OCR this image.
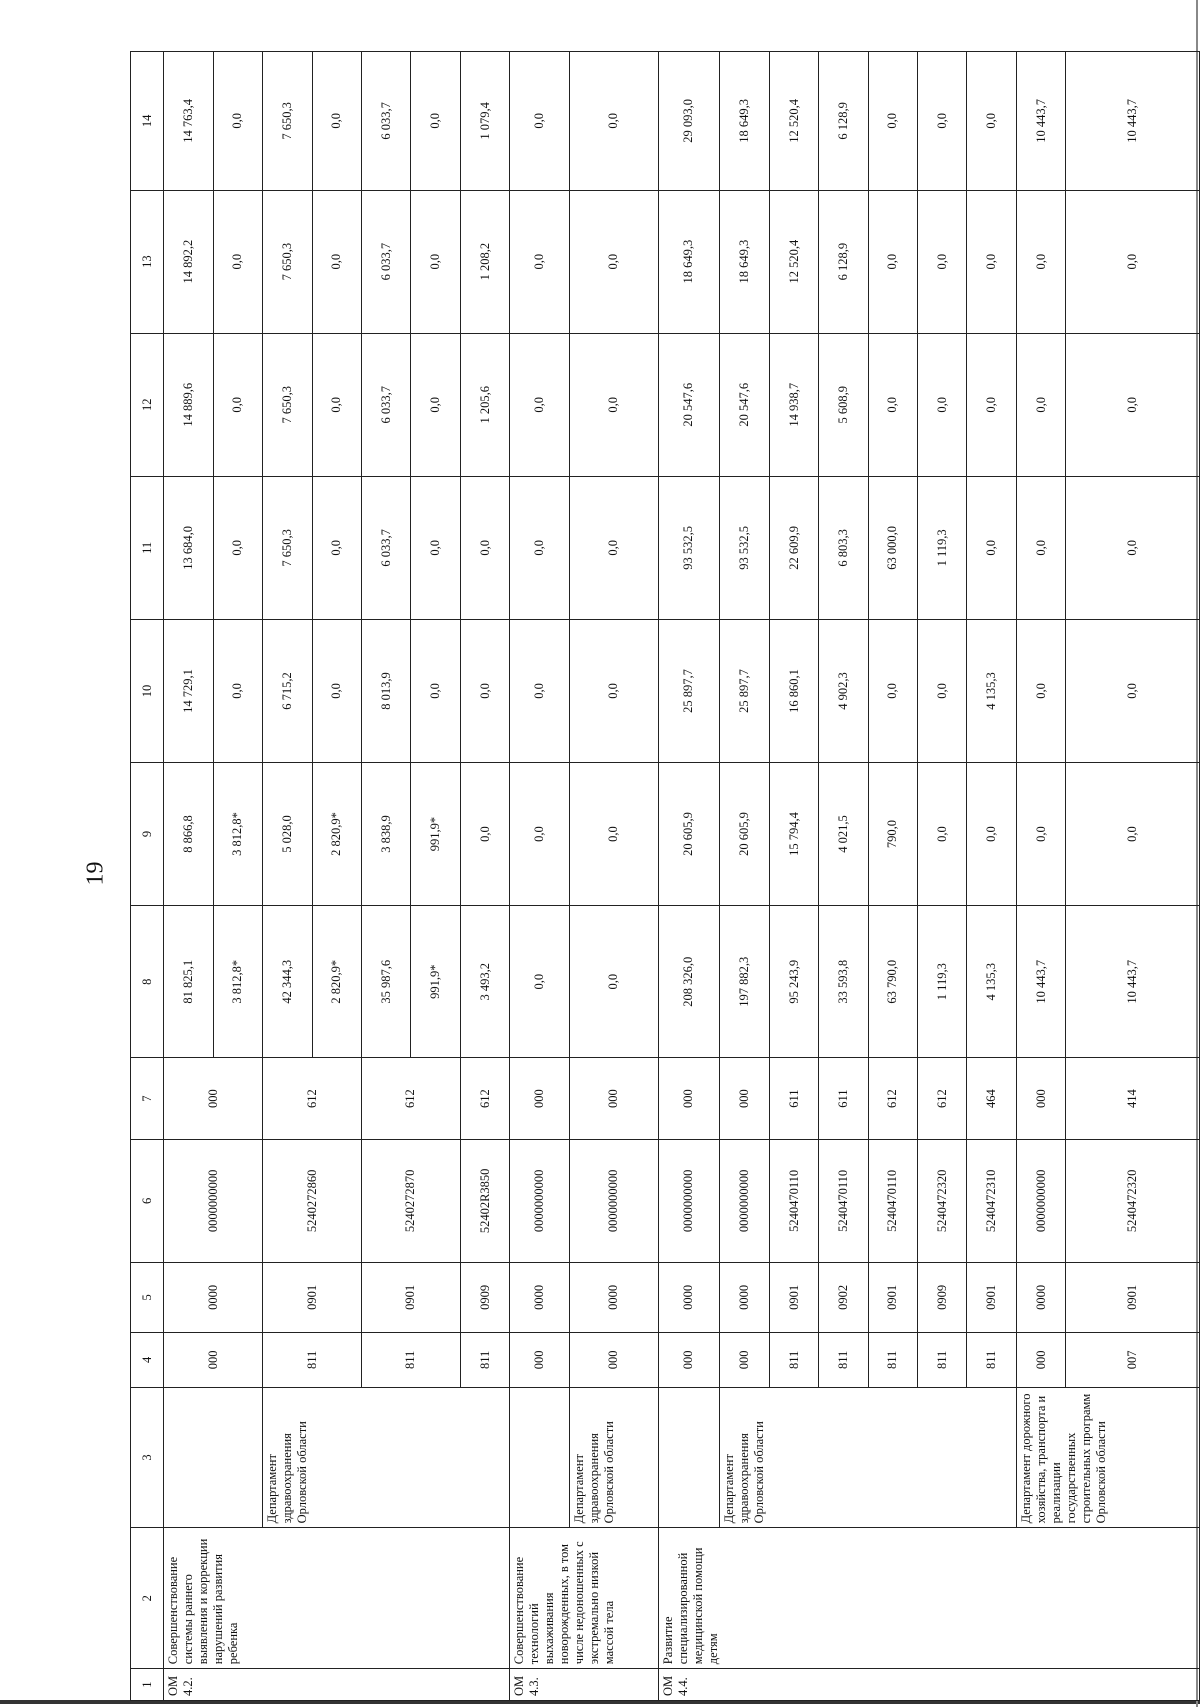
19
1	2	3	4	5	6	7	8	9	10	11	12	13	14
ОМ 4.2.	Совершенствование системы раннего выявления и коррекции нарушений развития ребенка		000	0000	0000000000	000	81 825,1	8 866,8	14 729,1	13 684,0	14 889,6	14 892,2	14 763,4
							3 812,8*	3 812,8*	0,0	0,0	0,0	0,0	0,0
		Департамент здравоохранения Орловской области	811	0901	5240272860	612	42 344,3	5 028,0	6 715,2	7 650,3	7 650,3	7 650,3	7 650,3
							2 820,9*	2 820,9*	0,0	0,0	0,0	0,0	0,0
			811	0901	5240272870	612	35 987,6	3 838,9	8 013,9	6 033,7	6 033,7	6 033,7	6 033,7
							991,9*	991,9*	0,0	0,0	0,0	0,0	0,0
			811	0909	52402R3850	612	3 493,2	0,0	0,0	0,0	1 205,6	1 208,2	1 079,4
ОМ 4.3.	Совершенствование технологий выхаживания новорожденных, в том числе недоношенных с экстремально низкой массой тела		000	0000	0000000000	000	0,0	0,0	0,0	0,0	0,0	0,0	0,0
		Департамент здравоохранения Орловской области	000	0000	0000000000	000	0,0	0,0	0,0	0,0	0,0	0,0	0,0
ОМ 4.4.	Развитие специализированной медицинской помощи детям		000	0000	0000000000	000	208 326,0	20 605,9	25 897,7	93 532,5	20 547,6	18 649,3	29 093,0
		Департамент здравоохранения Орловской области	000	0000	0000000000	000	197 882,3	20 605,9	25 897,7	93 532,5	20 547,6	18 649,3	18 649,3
			811	0901	5240470110	611	95 243,9	15 794,4	16 860,1	22 609,9	14 938,7	12 520,4	12 520,4
			811	0902	5240470110	611	33 593,8	4 021,5	4 902,3	6 803,3	5 608,9	6 128,9	6 128,9
			811	0901	5240470110	612	63 790,0	790,0	0,0	63 000,0	0,0	0,0	0,0
			811	0909	5240472320	612	1 119,3	0,0	0,0	1 119,3	0,0	0,0	0,0
			811	0901	5240472310	464	4 135,3	0,0	4 135,3	0,0	0,0	0,0	0,0
		Департамент дорожного хозяйства, транспорта и реализации государственных строительных программ Орловской области	000	0000	0000000000	000	10 443,7	0,0	0,0	0,0	0,0	0,0	10 443,7
			007	0901	5240472320	414	10 443,7	0,0	0,0	0,0	0,0	0,0	10 443,7
